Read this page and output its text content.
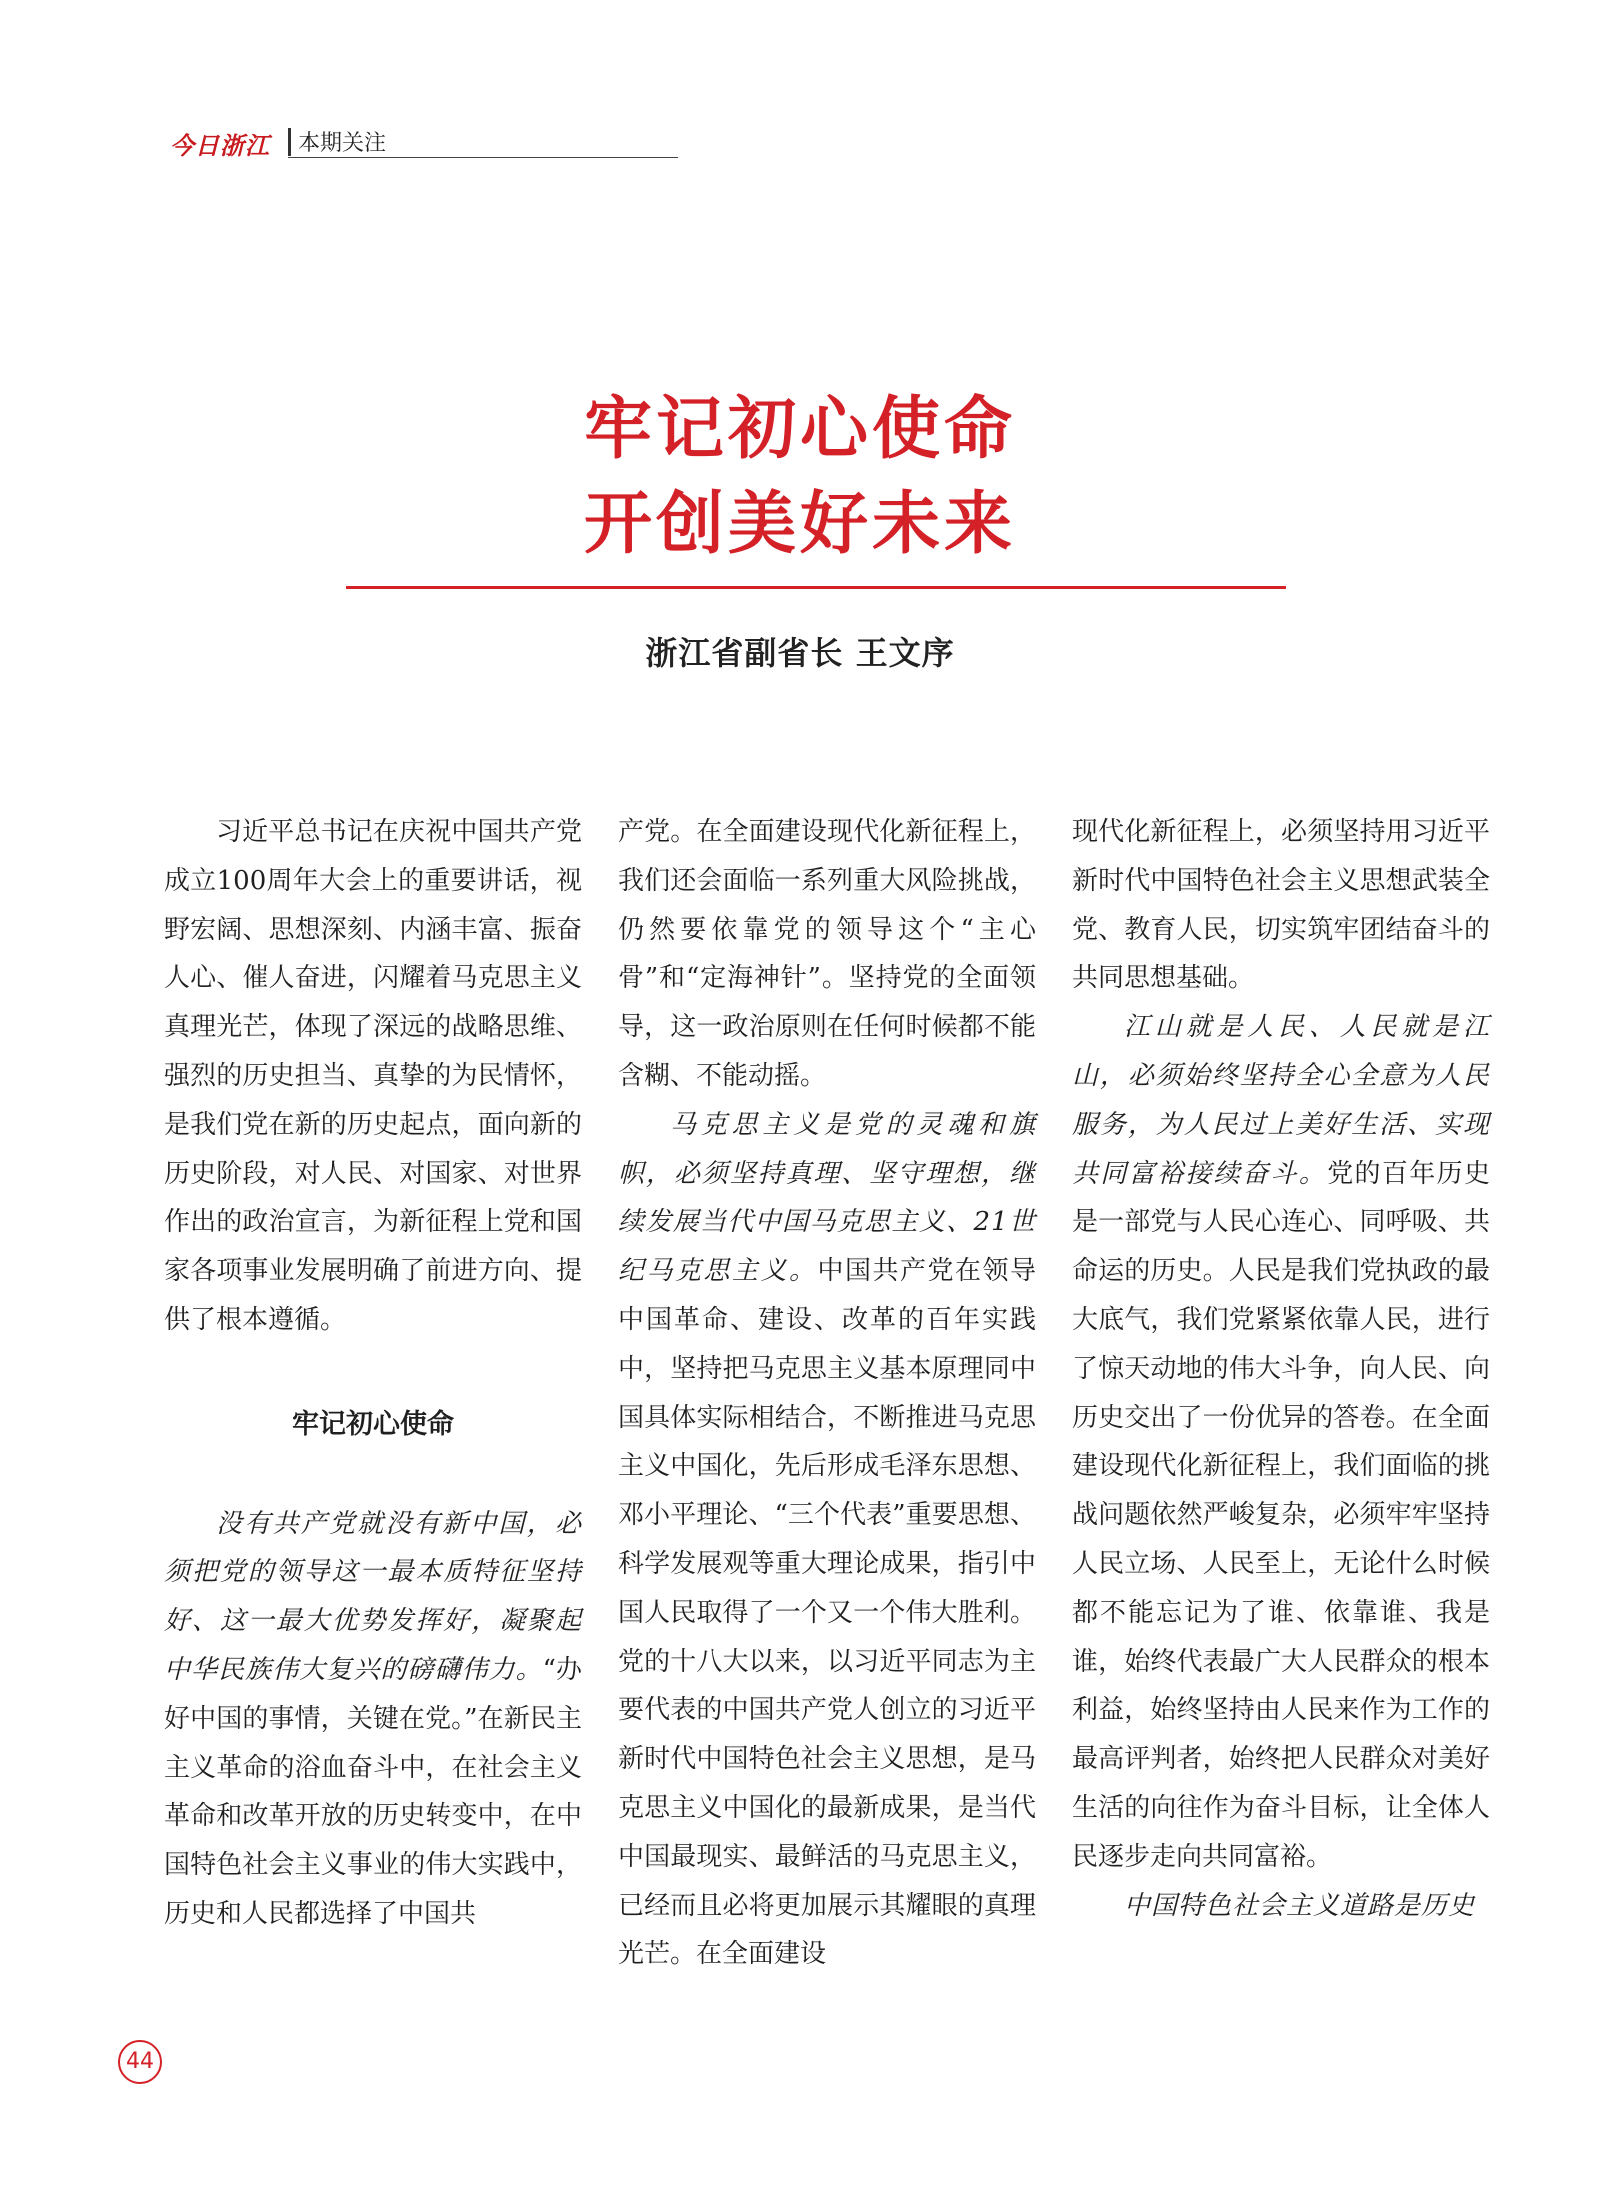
今日浙江 本期关注
牢记初心使命
开创美好未来
浙江省副省长 王文序

习近平总书记在庆祝中国共产党成立100周年大会上的重要讲话，视野宏阔、思想深刻、内涵丰富、振奋人心、催人奋进，闪耀着马克思主义真理光芒，体现了深远的战略思维、强烈的历史担当、真挚的为民情怀，是我们党在新的历史起点，面向新的历史阶段，对人民、对国家、对世界作出的政治宣言，为新征程上党和国家各项事业发展明确了前进方向、提供了根本遵循。

牢记初心使命

没有共产党就没有新中国，必须把党的领导这一最本质特征坚持好、这一最大优势发挥好，凝聚起中华民族伟大复兴的磅礴伟力。“办好中国的事情，关键在党。”在新民主主义革命的浴血奋斗中，在社会主义革命和改革开放的历史转变中，在中国特色社会主义事业的伟大实践中，历史和人民都选择了中国共

产党。在全面建设现代化新征程上，我们还会面临一系列重大风险挑战，仍然要依靠党的领导这个“主心骨”和“定海神针”。坚持党的全面领导，这一政治原则在任何时候都不能含糊、不能动摇。

马克思主义是党的灵魂和旗帜，必须坚持真理、坚守理想，继续发展当代中国马克思主义、21世纪马克思主义。中国共产党在领导中国革命、建设、改革的百年实践中，坚持把马克思主义基本原理同中国具体实际相结合，不断推进马克思主义中国化，先后形成毛泽东思想、邓小平理论、“三个代表”重要思想、科学发展观等重大理论成果，指引中国人民取得了一个又一个伟大胜利。党的十八大以来，以习近平同志为主要代表的中国共产党人创立的习近平新时代中国特色社会主义思想，是马克思主义中国化的最新成果，是当代中国最现实、最鲜活的马克思主义，已经而且必将更加展示其耀眼的真理光芒。在全面建设

现代化新征程上，必须坚持用习近平新时代中国特色社会主义思想武装全党、教育人民，切实筑牢团结奋斗的共同思想基础。

江山就是人民、人民就是江山，必须始终坚持全心全意为人民服务，为人民过上美好生活、实现共同富裕接续奋斗。党的百年历史是一部党与人民心连心、同呼吸、共命运的历史。人民是我们党执政的最大底气，我们党紧紧依靠人民，进行了惊天动地的伟大斗争，向人民、向历史交出了一份优异的答卷。在全面建设现代化新征程上，我们面临的挑战问题依然严峻复杂，必须牢牢坚持人民立场、人民至上，无论什么时候都不能忘记为了谁、依靠谁、我是谁，始终代表最广大人民群众的根本利益，始终坚持由人民来作为工作的最高评判者，始终把人民群众对美好生活的向往作为奋斗目标，让全体人民逐步走向共同富裕。

中国特色社会主义道路是历史

44
